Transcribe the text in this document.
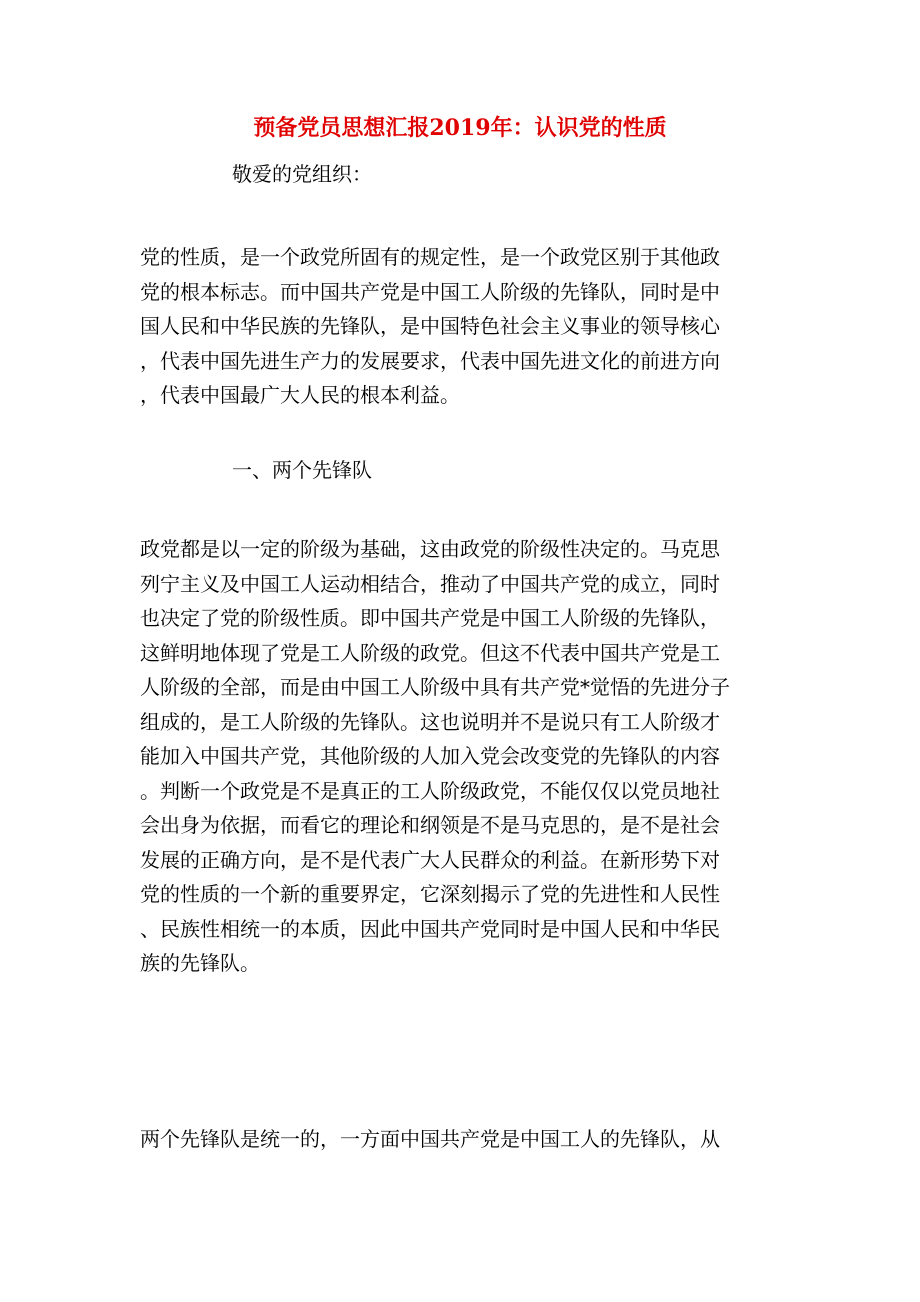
预备党员思想汇报2019年：认识党的性质
敬爱的党组织：
党的性质，是一个政党所固有的规定性，是一个政党区别于其他政
党的根本标志。而中国共产党是中国工人阶级的先锋队，同时是中
国人民和中华民族的先锋队，是中国特色社会主义事业的领导核心
，代表中国先进生产力的发展要求，代表中国先进文化的前进方向
，代表中国最广大人民的根本利益。
一、两个先锋队
政党都是以一定的阶级为基础，这由政党的阶级性决定的。马克思
列宁主义及中国工人运动相结合，推动了中国共产党的成立，同时
也决定了党的阶级性质。即中国共产党是中国工人阶级的先锋队，
这鲜明地体现了党是工人阶级的政党。但这不代表中国共产党是工
人阶级的全部，而是由中国工人阶级中具有共产党*觉悟的先进分子
组成的，是工人阶级的先锋队。这也说明并不是说只有工人阶级才
能加入中国共产党，其他阶级的人加入党会改变党的先锋队的内容
。判断一个政党是不是真正的工人阶级政党，不能仅仅以党员地社
会出身为依据，而看它的理论和纲领是不是马克思的，是不是社会
发展的正确方向，是不是代表广大人民群众的利益。在新形势下对
党的性质的一个新的重要界定，它深刻揭示了党的先进性和人民性
、民族性相统一的本质，因此中国共产党同时是中国人民和中华民
族的先锋队。
两个先锋队是统一的，一方面中国共产党是中国工人的先锋队，从
